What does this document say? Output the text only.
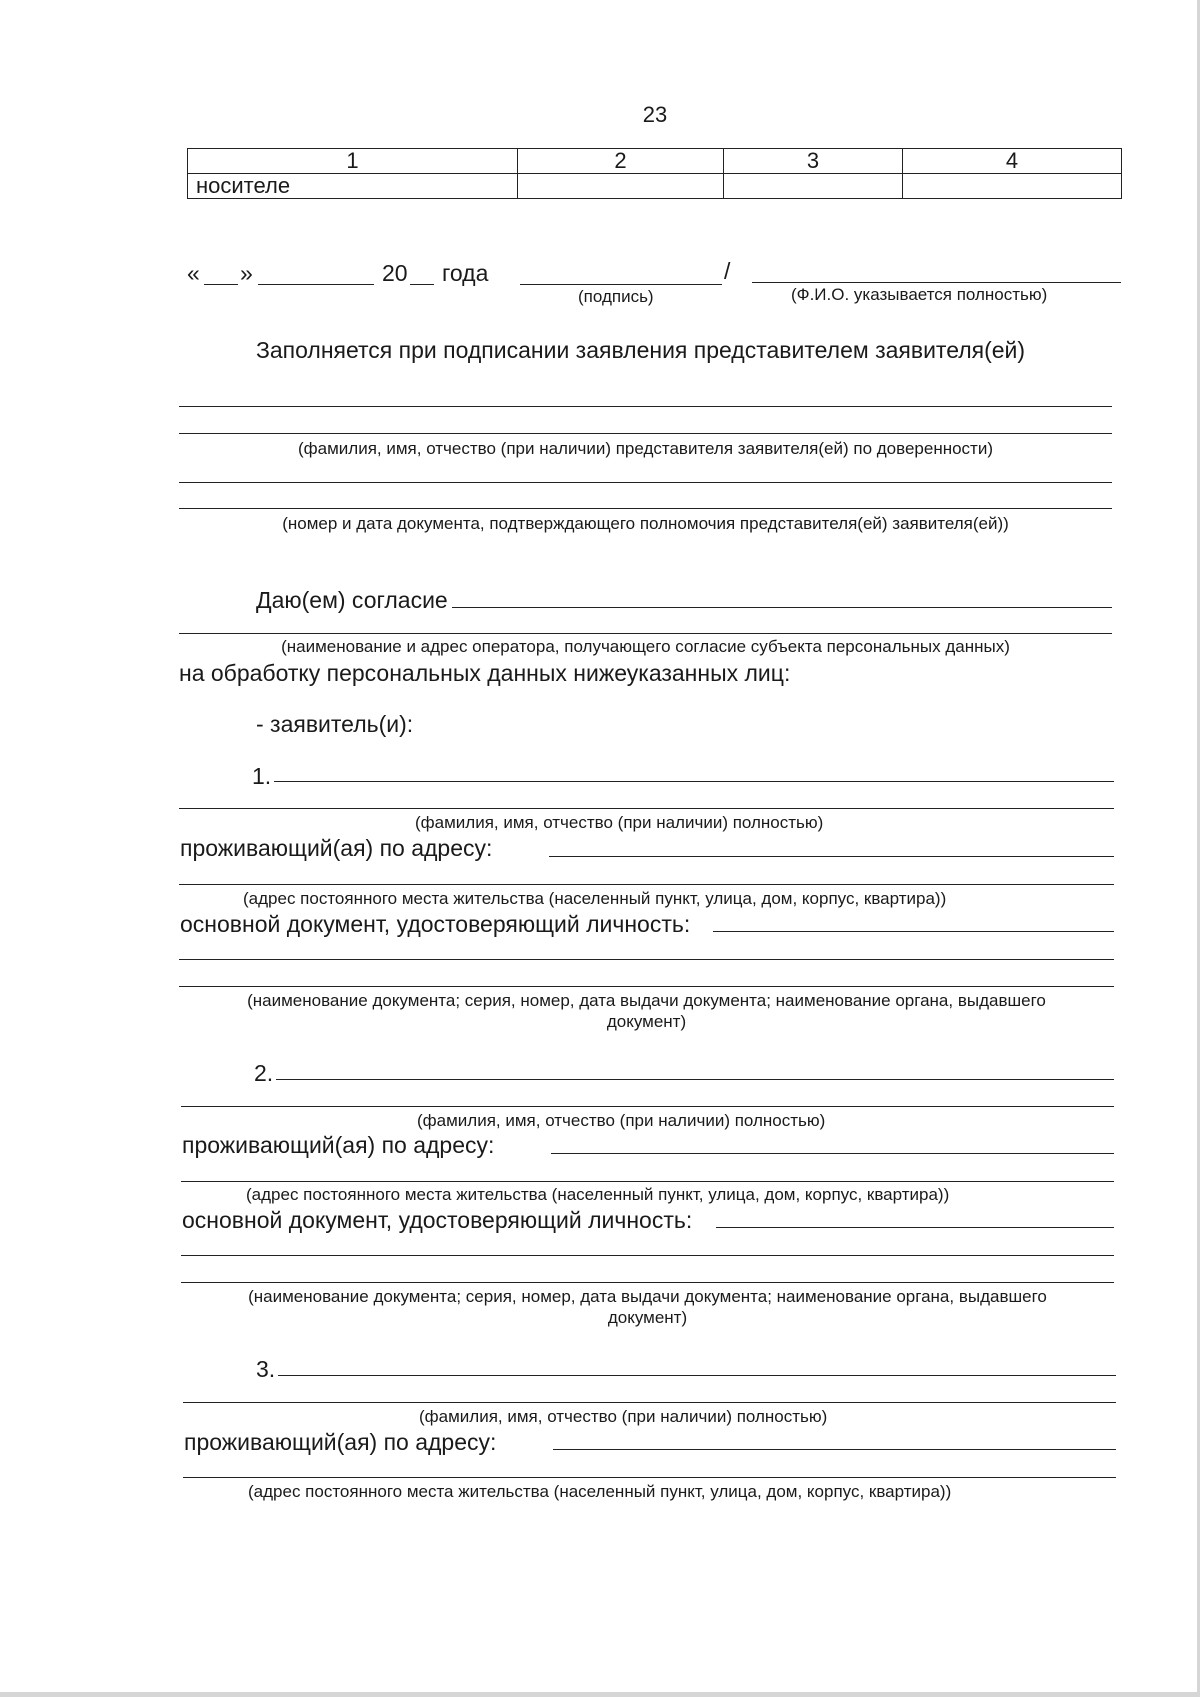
23
1	2	3	4
носителе			
« »	20 года	/
(подпись)	(Ф.И.О. указывается полностью)
Заполняется при подписании заявления представителем заявителя(ей)
(фамилия, имя, отчество (при наличии) представителя заявителя(ей) по доверенности)
(номер и дата документа, подтверждающего полномочия представителя(ей) заявителя(ей))
Даю(ем) согласие
(наименование и адрес оператора, получающего согласие субъекта персональных данных)
на обработку персональных данных нижеуказанных лиц:
- заявитель(и):
1.
(фамилия, имя, отчество (при наличии) полностью)
проживающий(ая) по адресу:
(адрес постоянного места жительства (населенный пункт, улица, дом, корпус, квартира))
основной документ, удостоверяющий личность:
(наименование документа; серия, номер, дата выдачи документа; наименование органа, выдавшего
документ)
2.
(фамилия, имя, отчество (при наличии) полностью)
проживающий(ая) по адресу:
(адрес постоянного места жительства (населенный пункт, улица, дом, корпус, квартира))
основной документ, удостоверяющий личность:
(наименование документа; серия, номер, дата выдачи документа; наименование органа, выдавшего
документ)
3.
(фамилия, имя, отчество (при наличии) полностью)
проживающий(ая) по адресу:
(адрес постоянного места жительства (населенный пункт, улица, дом, корпус, квартира))
